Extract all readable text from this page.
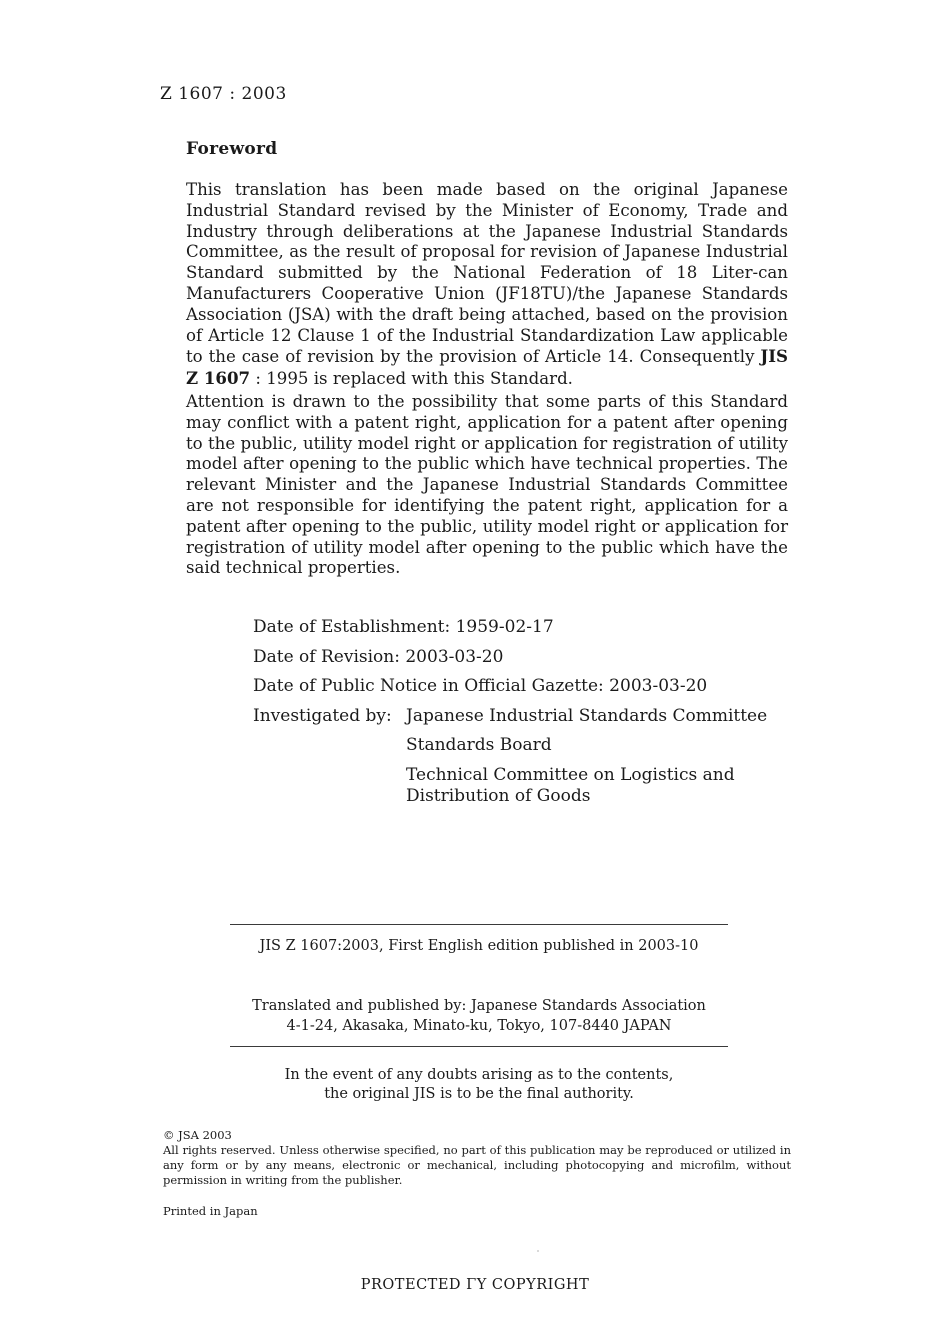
Z 1607 : 2003
Foreword

This translation has been made based on the original Japanese Industrial Standard revised by the Minister of Economy, Trade and Industry through deliberations at the Japanese Industrial Standards Committee, as the result of proposal for revision of Japanese Industrial Standard submitted by the National Federation of 18 Liter-can Manufacturers Cooperative Union (JF18TU)/the Japanese Standards Association (JSA) with the draft being attached, based on the provision of Article 12 Clause 1 of the Industrial Standardization Law applicable to the case of revision by the provision of Article 14. Consequently JIS Z 1607 : 1995 is replaced with this Standard.

Attention is drawn to the possibility that some parts of this Standard may conflict with a patent right, application for a patent after opening to the public, utility model right or application for registration of utility model after opening to the public which have technical properties. The relevant Minister and the Japanese Industrial Standards Committee are not responsible for identifying the patent right, application for a patent after opening to the public, utility model right or application for registration of utility model after opening to the public which have the said technical properties.

Date of Establishment: 1959-02-17
Date of Revision: 2003-03-20
Date of Public Notice in Official Gazette: 2003-03-20
Investigated by: Japanese Industrial Standards Committee
Standards Board
Technical Committee on Logistics and Distribution of Goods
JIS Z 1607:2003, First English edition published in 2003-10
Translated and published by: Japanese Standards Association
4-1-24, Akasaka, Minato-ku, Tokyo, 107-8440 JAPAN
In the event of any doubts arising as to the contents,
the original JIS is to be the final authority.
© JSA 2003
All rights reserved. Unless otherwise specified, no part of this publication may be reproduced or utilized in any form or by any means, electronic or mechanical, including photocopying and microfilm, without permission in writing from the publisher.
Printed in Japan
PROTECTED ΓY COPYRIGHT
